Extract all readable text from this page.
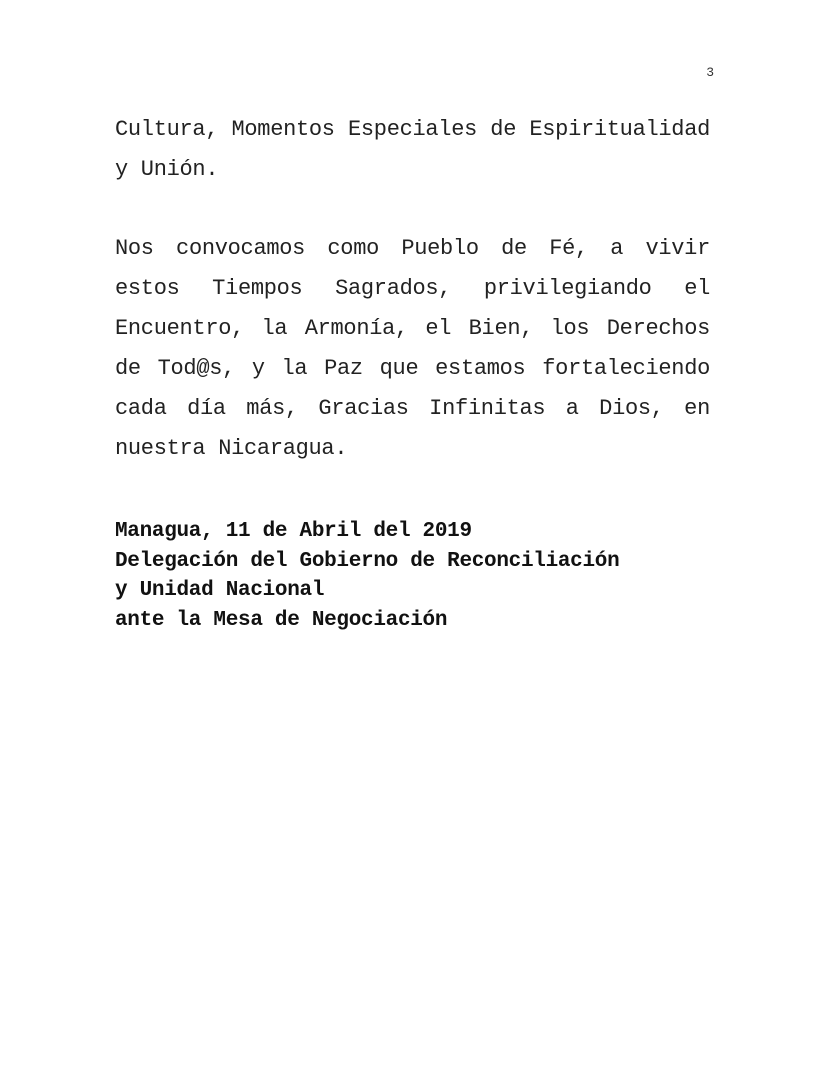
3

Cultura, Momentos Especiales de Espiritualidad y Unión.

Nos convocamos como Pueblo de Fé, a vivir estos Tiempos Sagrados, privilegiando el Encuentro, la Armonía, el Bien, los Derechos de Tod@s, y la Paz que estamos fortaleciendo cada día más, Gracias Infinitas a Dios, en nuestra Nicaragua.

Managua, 11 de Abril del 2019
Delegación del Gobierno de Reconciliación
y Unidad Nacional
ante la Mesa de Negociación
